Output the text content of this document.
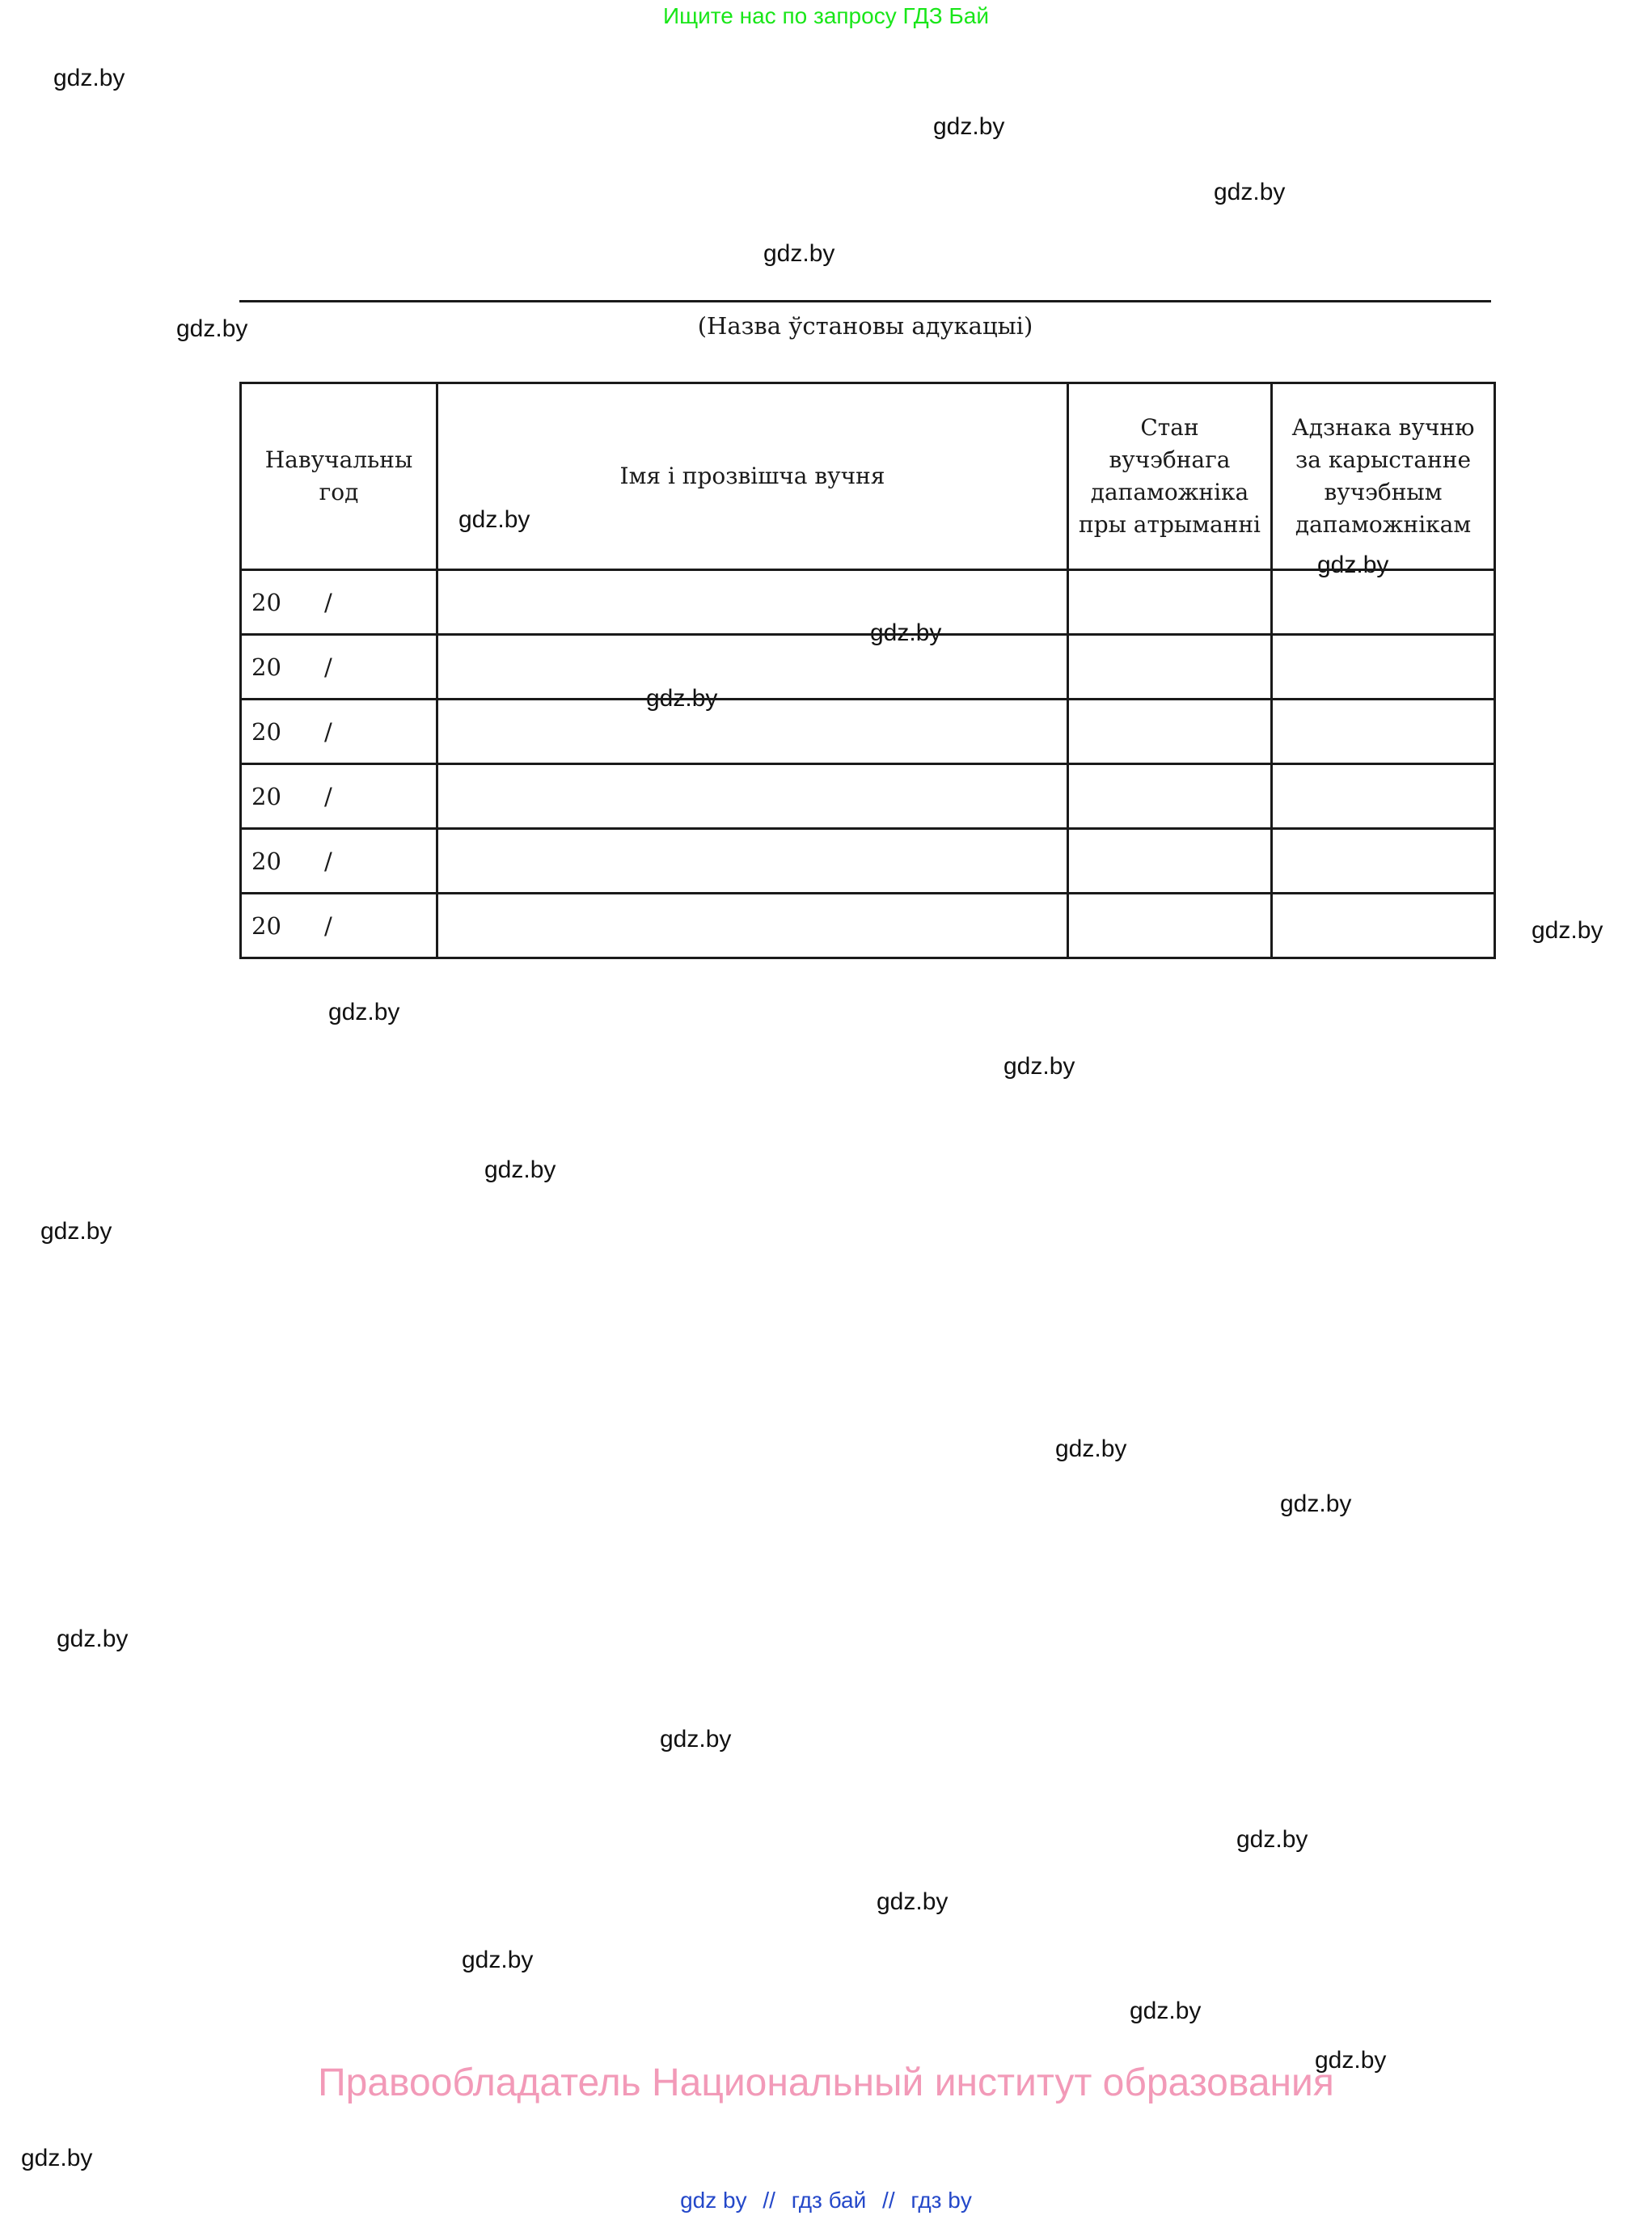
Ищите нас по запросу ГДЗ Бай
gdz.by
gdz.by
gdz.by
gdz.by
gdz.by
gdz.by
gdz.by
gdz.by
gdz.by
gdz.by
gdz.by
gdz.by
gdz.by
gdz.by
gdz.by
gdz.by
gdz.by
gdz.by
gdz.by
gdz.by
gdz.by
gdz.by
gdz.by
gdz.by
(Назва ўстановы адукацыі)
Навучальны год	Імя і прозвішча вучня	Стан вучэбнага дапаможніка пры атрыманні	Адзнака вучню за карыстанне вучэбным дапаможнікам
20 /			
20 /			
20 /			
20 /			
20 /			
20 /			
Правообладатель Национальный институт образования
gdz by // гдз бай // гдз by
